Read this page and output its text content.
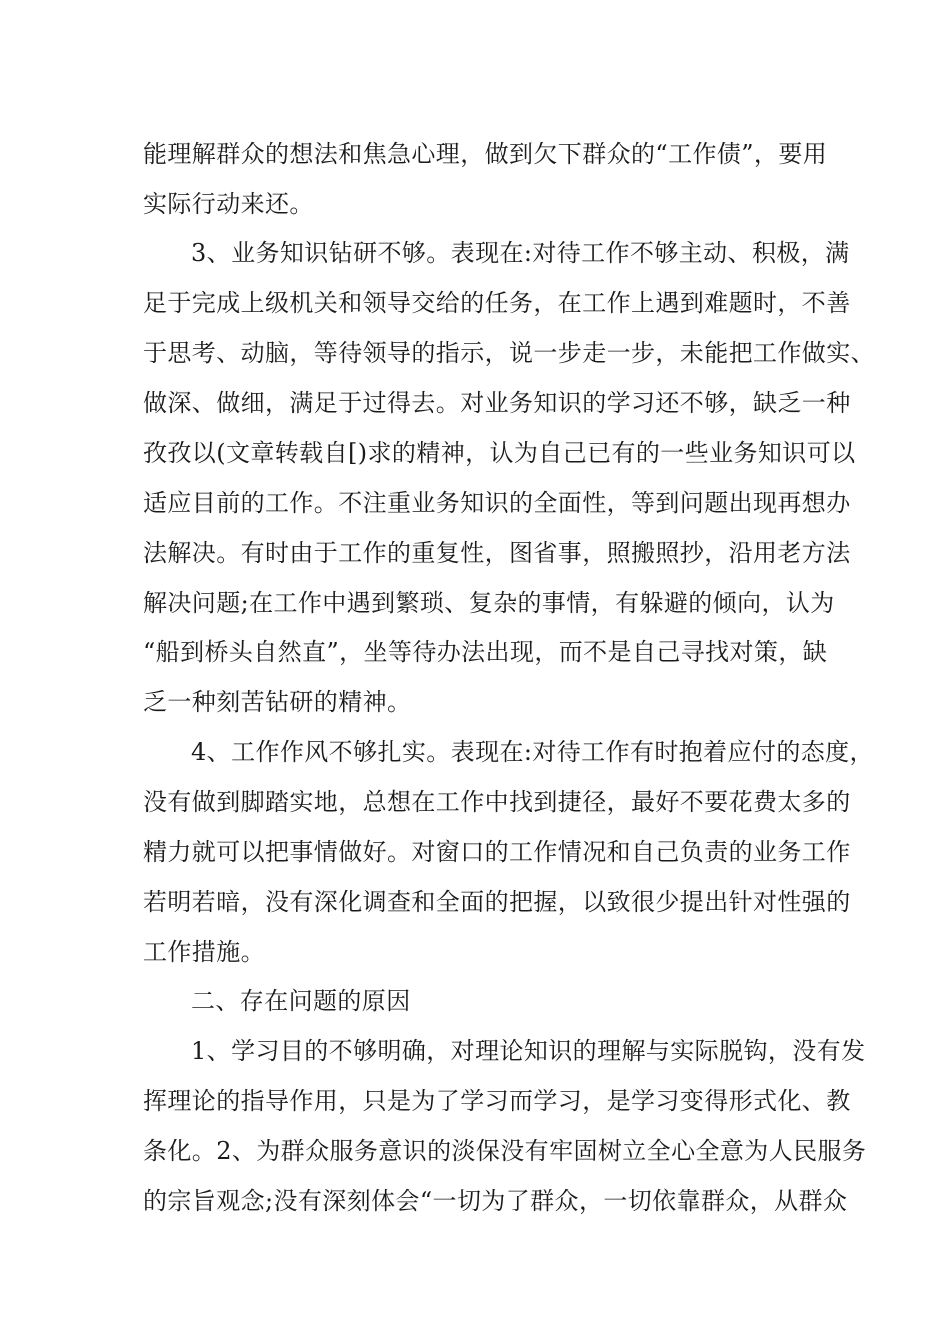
能理解群众的想法和焦急心理，做到欠下群众的“工作债”，要用
实际行动来还。
3、业务知识钻研不够。表现在:对待工作不够主动、积极，满
足于完成上级机关和领导交给的任务，在工作上遇到难题时，不善
于思考、动脑，等待领导的指示，说一步走一步，未能把工作做实、
做深、做细，满足于过得去。对业务知识的学习还不够，缺乏一种
孜孜以(文章转载自[)求的精神，认为自己已有的一些业务知识可以
适应目前的工作。不注重业务知识的全面性，等到问题出现再想办
法解决。有时由于工作的重复性，图省事，照搬照抄，沿用老方法
解决问题;在工作中遇到繁琐、复杂的事情，有躲避的倾向，认为
“船到桥头自然直”，坐等待办法出现，而不是自己寻找对策，缺
乏一种刻苦钻研的精神。
4、工作作风不够扎实。表现在:对待工作有时抱着应付的态度，
没有做到脚踏实地，总想在工作中找到捷径，最好不要花费太多的
精力就可以把事情做好。对窗口的工作情况和自己负责的业务工作
若明若暗，没有深化调查和全面的把握，以致很少提出针对性强的
工作措施。
二、存在问题的原因
1、学习目的不够明确，对理论知识的理解与实际脱钩，没有发
挥理论的指导作用，只是为了学习而学习，是学习变得形式化、教
条化。2、为群众服务意识的淡保没有牢固树立全心全意为人民服务
的宗旨观念;没有深刻体会“一切为了群众，一切依靠群众，从群众
